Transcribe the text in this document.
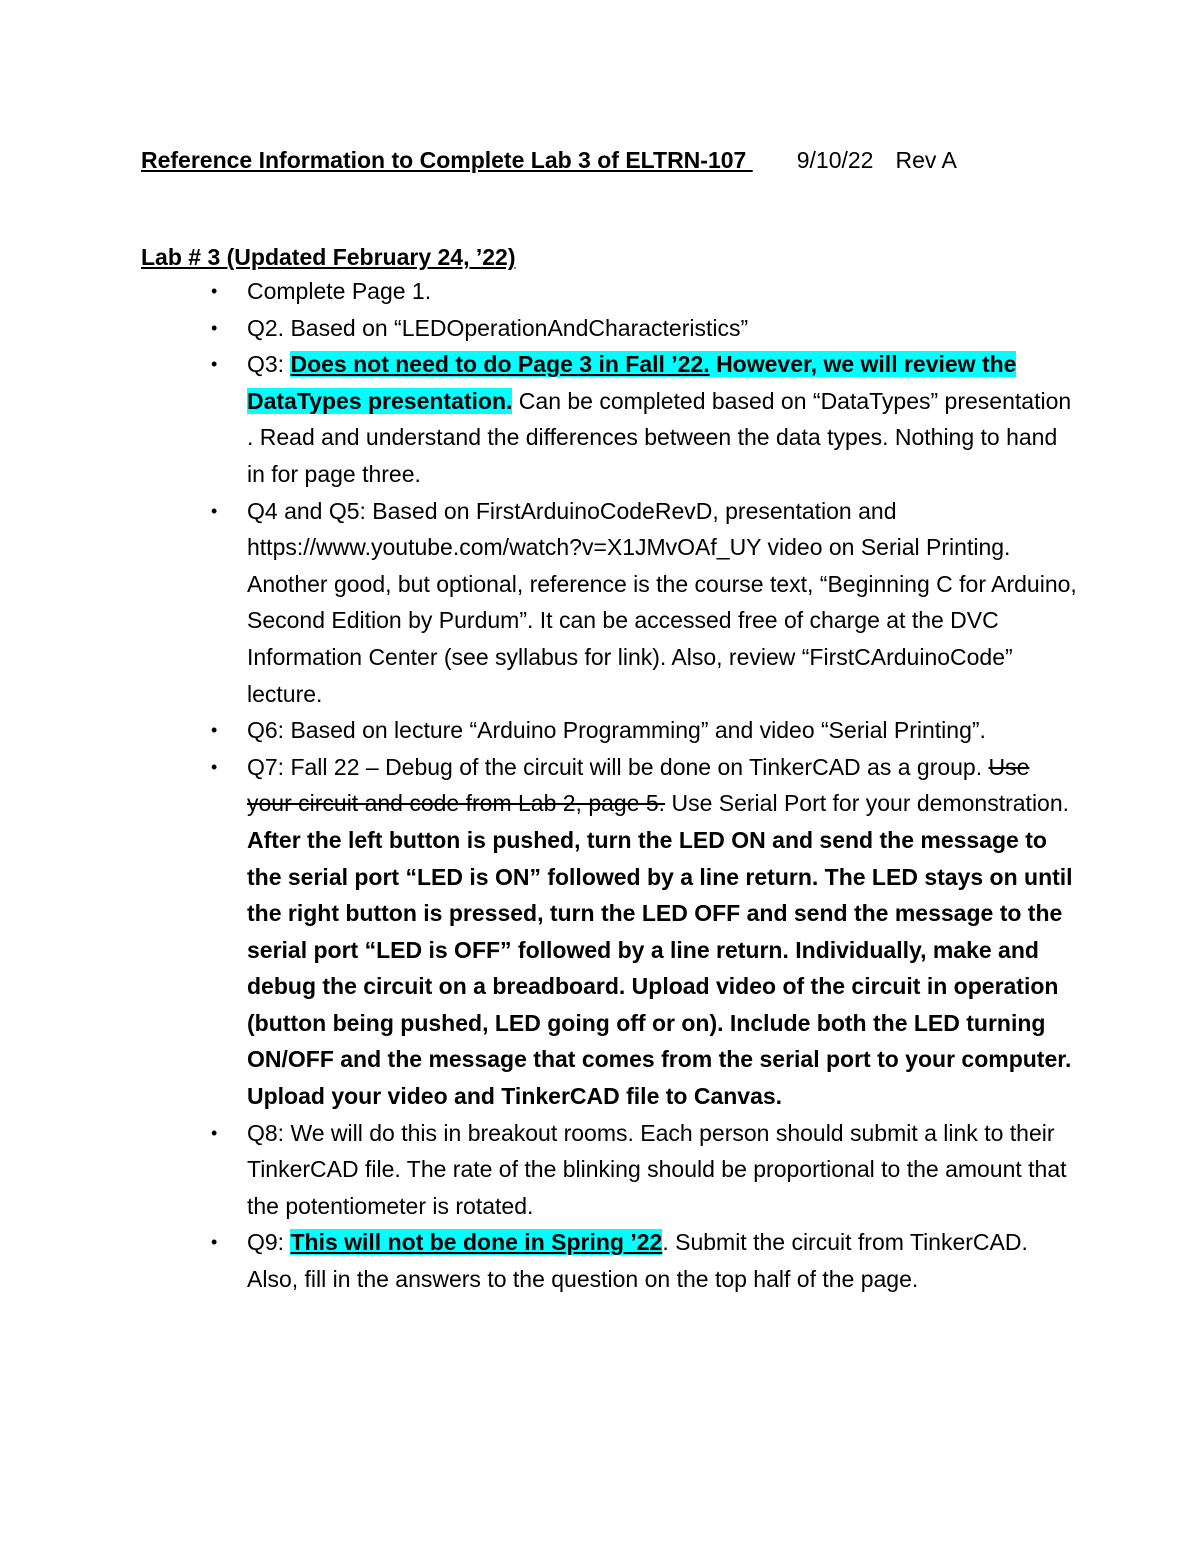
Reference Information to Complete Lab 3 of ELTRN-107 9/10/22 Rev A
Lab # 3 (Updated February 24, ’22)
• Complete Page 1.
• Q2. Based on “LEDOperationAndCharacteristics”
• Q3: Does not need to do Page 3 in Fall ’22. However, we will review the DataTypes presentation. Can be completed based on “DataTypes” presentation . Read and understand the differences between the data types. Nothing to hand in for page three.
• Q4 and Q5: Based on FirstArduinoCodeRevD, presentation and https://www.youtube.com/watch?v=X1JMvOAf_UY video on Serial Printing. Another good, but optional, reference is the course text, “Beginning C for Arduino, Second Edition by Purdum”. It can be accessed free of charge at the DVC Information Center (see syllabus for link). Also, review “FirstCArduinoCode” lecture.
• Q6: Based on lecture “Arduino Programming” and video “Serial Printing”.
• Q7: Fall 22 – Debug of the circuit will be done on TinkerCAD as a group. Use your circuit and code from Lab 2, page 5. Use Serial Port for your demonstration. After the left button is pushed, turn the LED ON and send the message to the serial port “LED is ON” followed by a line return. The LED stays on until the right button is pressed, turn the LED OFF and send the message to the serial port “LED is OFF” followed by a line return. Individually, make and debug the circuit on a breadboard. Upload video of the circuit in operation (button being pushed, LED going off or on). Include both the LED turning ON/OFF and the message that comes from the serial port to your computer. Upload your video and TinkerCAD file to Canvas.
• Q8: We will do this in breakout rooms. Each person should submit a link to their TinkerCAD file. The rate of the blinking should be proportional to the amount that the potentiometer is rotated.
• Q9: This will not be done in Spring ’22. Submit the circuit from TinkerCAD. Also, fill in the answers to the question on the top half of the page.
